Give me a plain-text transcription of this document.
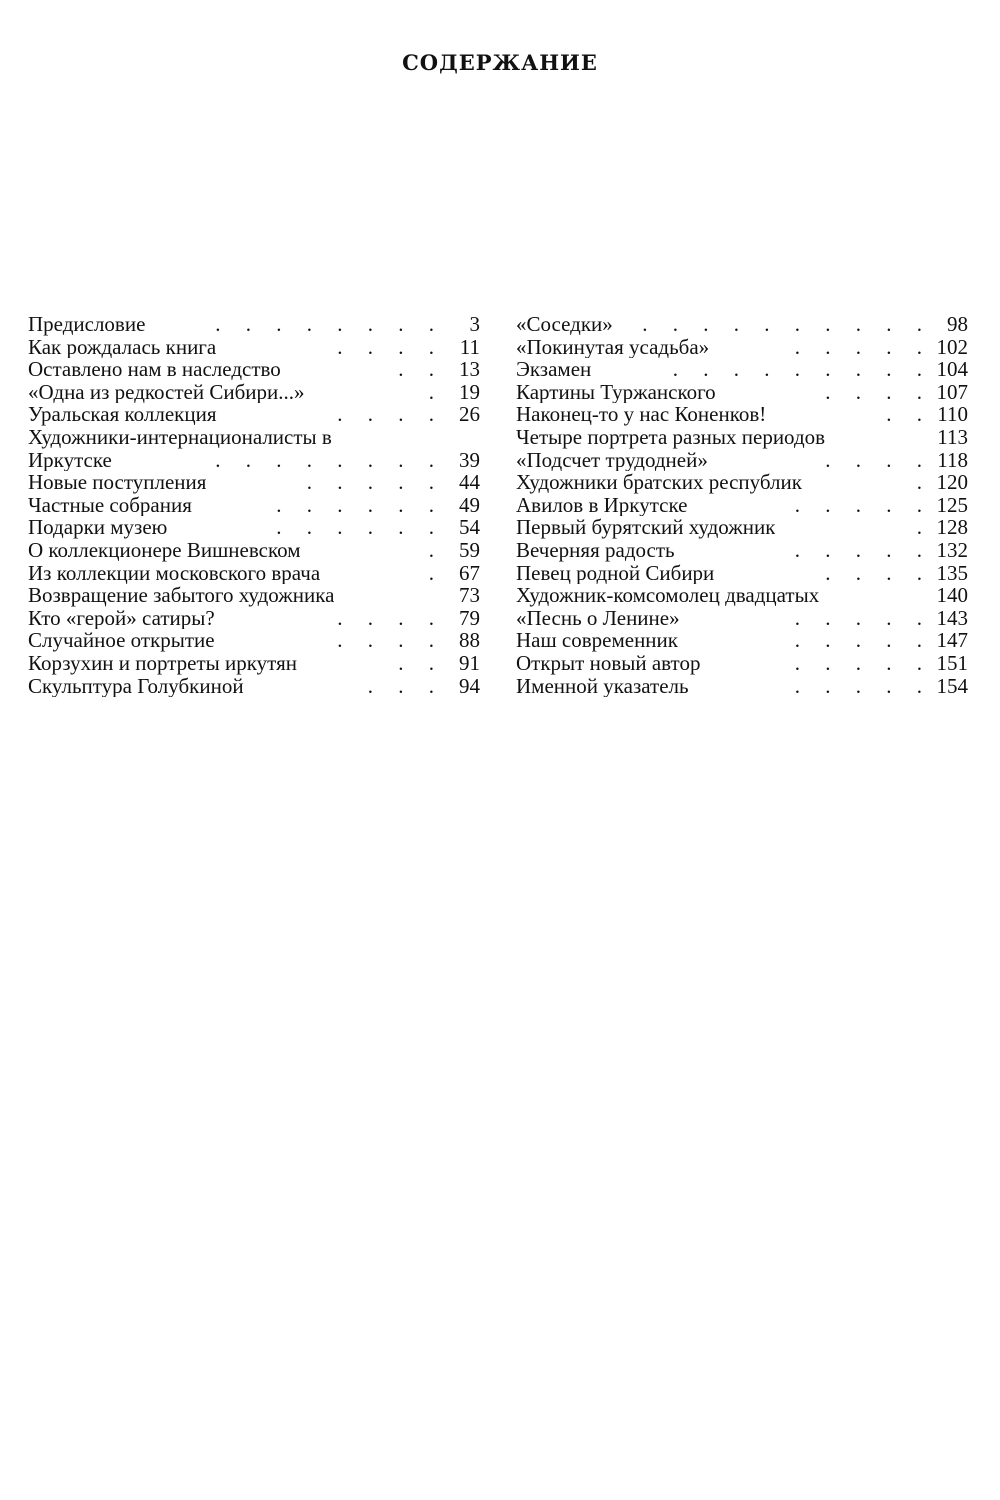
СОДЕРЖАНИЕ
Предисловие	. . . . . . . .	3
Как рождалась книга	. . . . 11
Оставлено нам в наследство	. . 13
«Одна из редкостей Сибири...»	. 19
Уральская коллекция	. . . . 26
Художники-интернационалисты в
Иркутске	. . . . . . . . 39
Новые поступления	. . . . . 44
Частные собрания	. . . . . . 49
Подарки музею	. . . . . . 54
О коллекционере Вишневском	. 59
Из коллекции московского врача	. 67
Возвращение забытого художника	73
Кто «герой» сатиры?	. . . . 79
Случайное открытие	. . . . 88
Корзухин и портреты иркутян	. . 91
Скульптура Голубкиной	. . . 94
«Соседки»	. . . . . . . . . . 98
«Покинутая усадьба»	. . . . . 102
Экзамен	. . . . . . . . . 104
Картины Туржанского	. . . . 107
Наконец-то у нас Коненков!	. . 110
Четыре портрета разных периодов	113
«Подсчет трудодней»	. . . . 118
Художники братских республик	. 120
Авилов в Иркутске	. . . . . 125
Первый бурятский художник	. 128
Вечерняя радость	. . . . . 132
Певец родной Сибири	. . . . 135
Художник-комсомолец двадцатых	140
«Песнь о Ленине»	. . . . . 143
Наш современник	. . . . . 147
Открыт новый автор	. . . . . 151
Именной указатель	. . . . . 154
